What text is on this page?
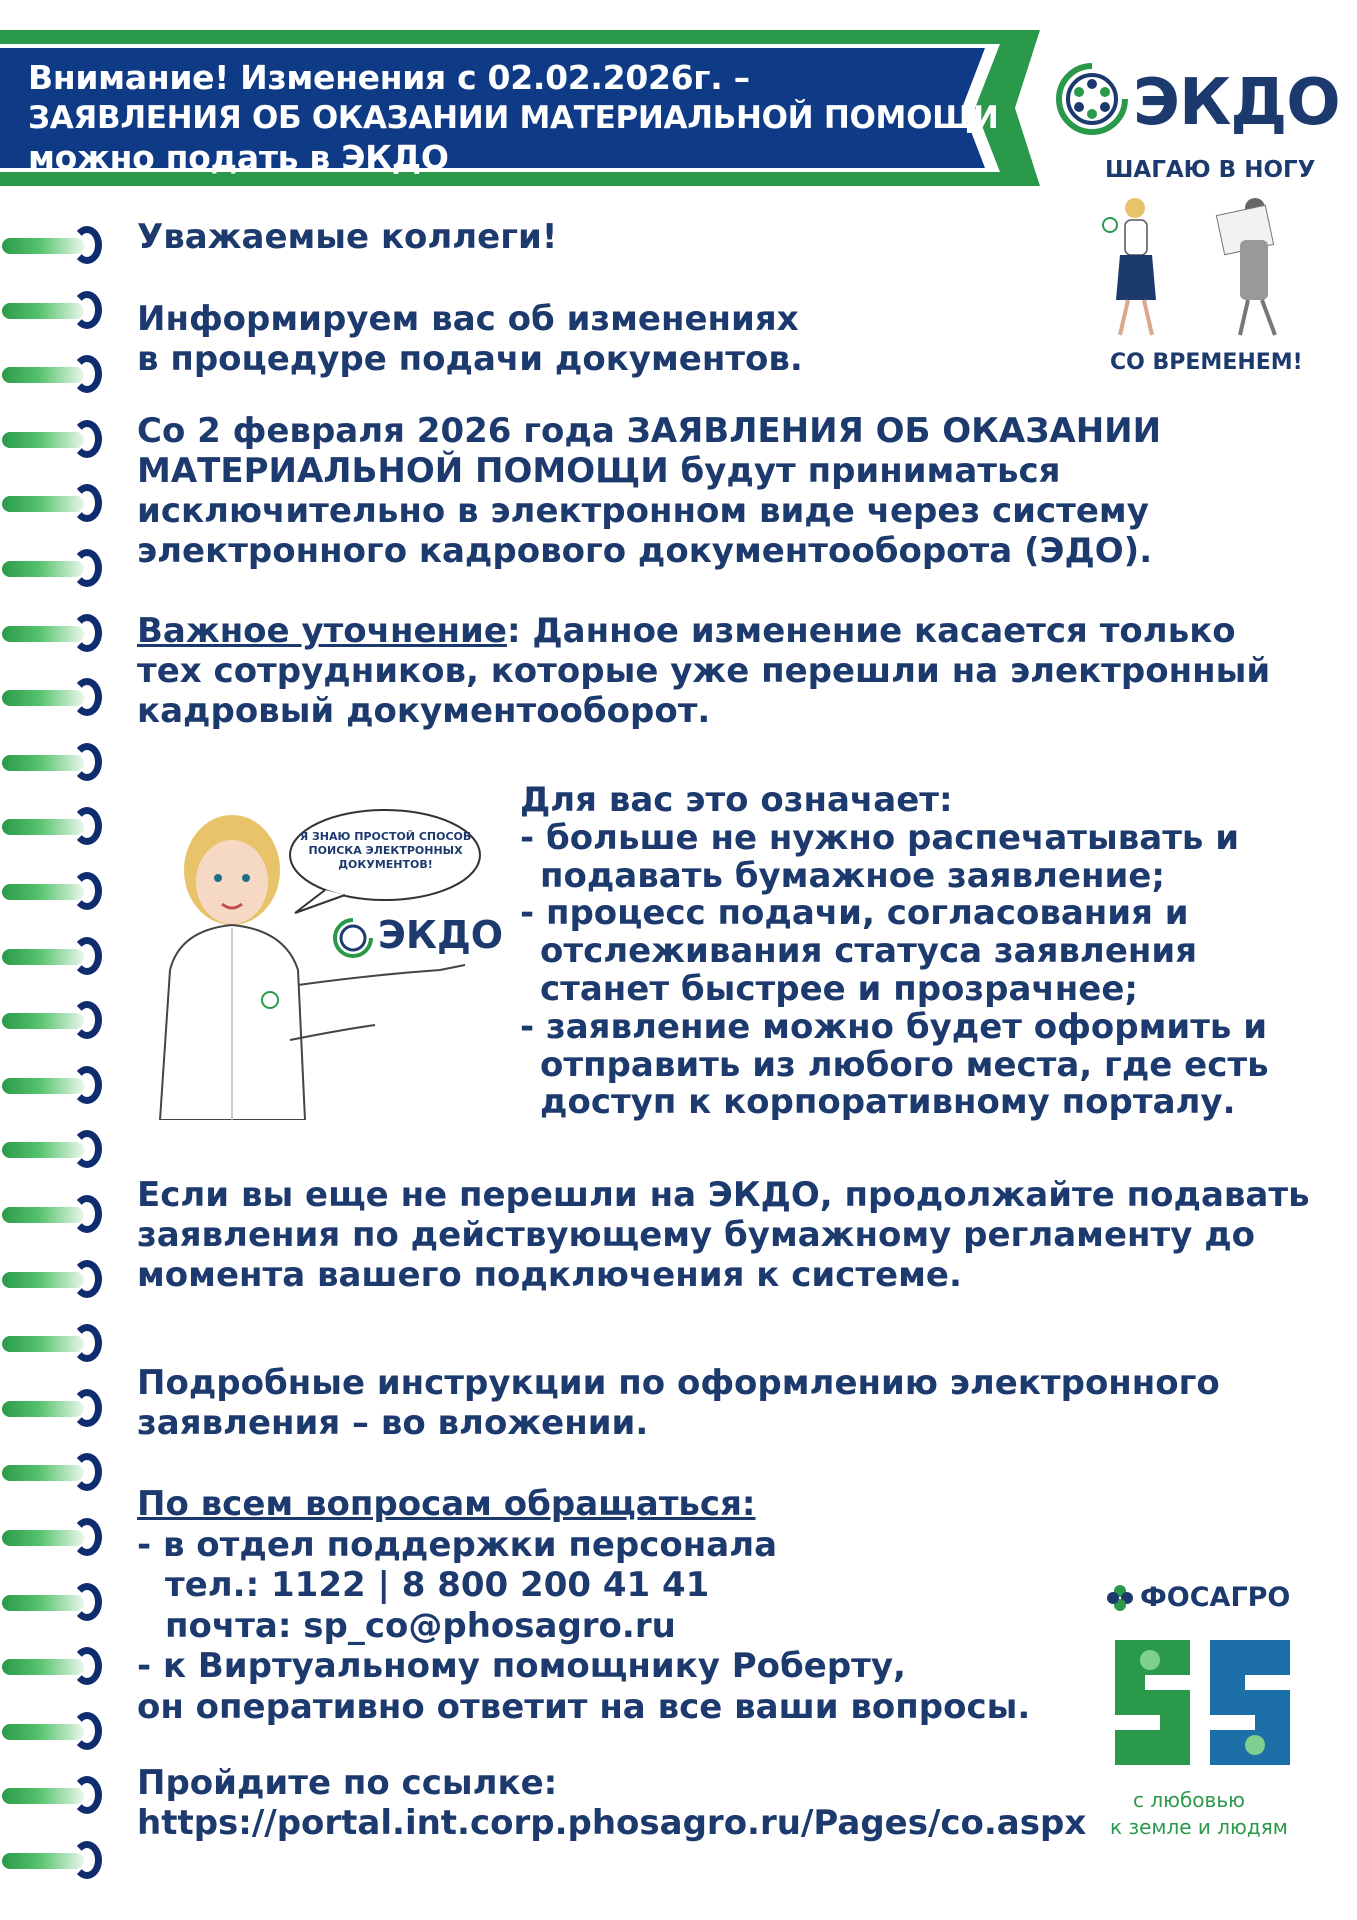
Внимание! Изменения с 02.02.2026г. –
ЗАЯВЛЕНИЯ ОБ ОКАЗАНИИ МАТЕРИАЛЬНОЙ ПОМОЩИ
можно подать в ЭКДО
ЭКДО
ШАГАЮ В НОГУ
СО ВРЕМЕНЕМ!
Уважаемые коллеги!
Информируем вас об изменениях
в процедуре подачи документов.
Со 2 февраля 2026 года ЗАЯВЛЕНИЯ ОБ ОКАЗАНИИ
МАТЕРИАЛЬНОЙ ПОМОЩИ будут приниматься
исключительно в электронном виде через систему
электронного кадрового документооборота (ЭДО).
Важное уточнение: Данное изменение касается только
тех сотрудников, которые уже перешли на электронный
кадровый документооборот.
Я ЗНАЮ ПРОСТОЙ СПОСОБ ПОИСКА ЭЛЕКТРОННЫХ ДОКУМЕНТОВ!
ЭКДО
Для вас это означает:
- больше не нужно распечатывать и
подавать бумажное заявление;
- процесс подачи, согласования и
отслеживания статуса заявления
станет быстрее и прозрачнее;
- заявление можно будет оформить и
отправить из любого места, где есть
доступ к корпоративному порталу.
Если вы еще не перешли на ЭКДО, продолжайте подавать
заявления по действующему бумажному регламенту до
момента вашего подключения к системе.
Подробные инструкции по оформлению электронного
заявления – во вложении.
По всем вопросам обращаться:
- в отдел поддержки персонала
тел.: 1122 | 8 800 200 41 41
почта: sp_co@phosagro.ru
- к Виртуальному помощнику Роберту,
он оперативно ответит на все ваши вопросы.
Пройдите по ссылке:
https://portal.int.corp.phosagro.ru/Pages/co.aspx
ФОСАГРО
с любовью
к земле и людям
